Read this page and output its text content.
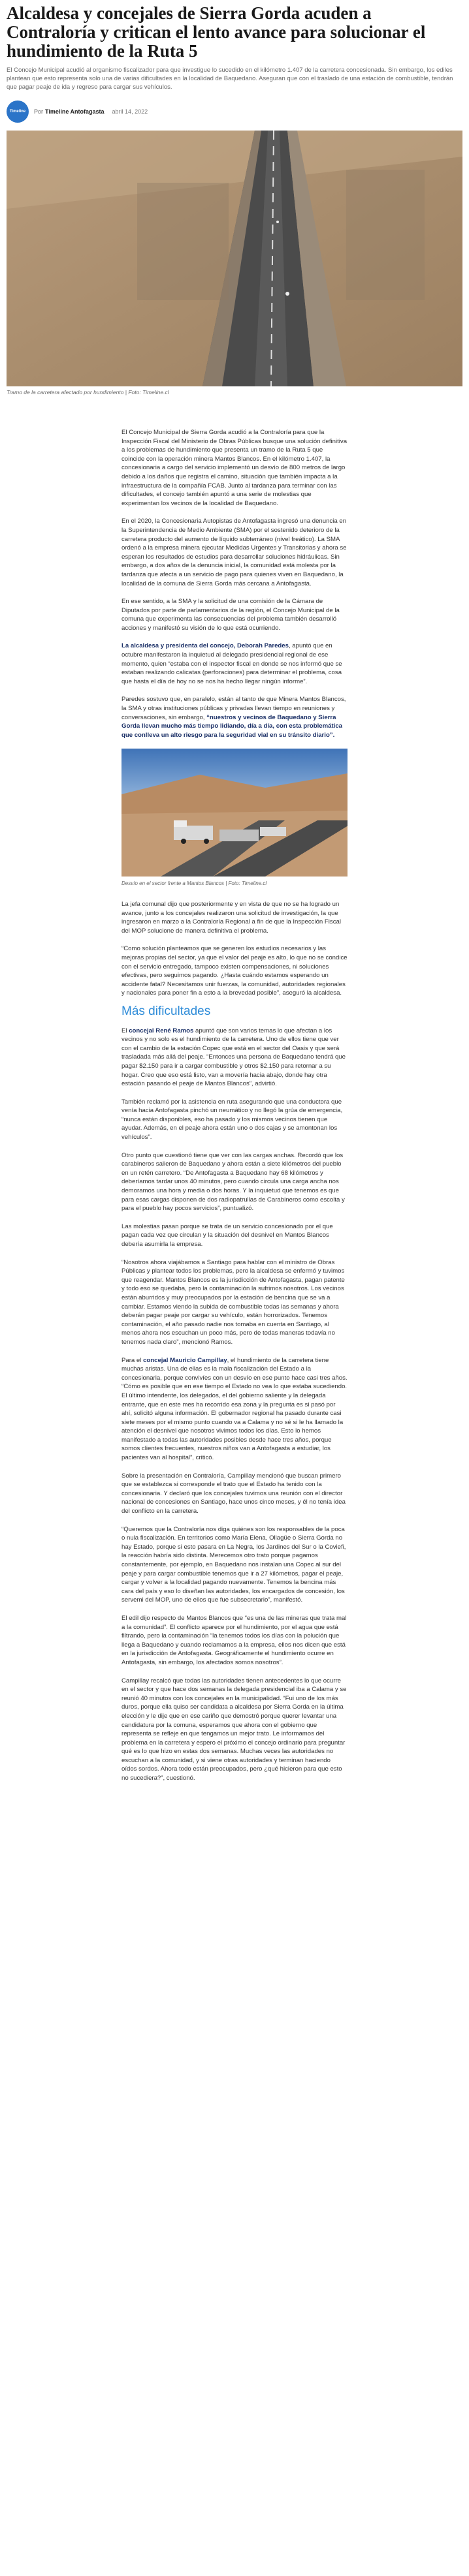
Alcaldesa y concejales de Sierra Gorda acuden a Contraloría y critican el lento avance para solucionar el hundimiento de la Ruta 5

El Concejo Municipal acudió al organismo fiscalizador para que investigue lo sucedido en el kilómetro 1.407 de la carretera concesionada. Sin embargo, los ediles plantean que esto representa solo una de varias dificultades en la localidad de Baquedano. Aseguran que con el traslado de una estación de combustible, tendrán que pagar peaje de ida y regreso para cargar sus vehículos.

Timeline Por Timeline Antofagasta abril 14, 2022
Tramo de la carretera afectado por hundimiento | Foto: Timeline.cl

El Concejo Municipal de Sierra Gorda acudió a la Contraloría para que la Inspección Fiscal del Ministerio de Obras Públicas busque una solución definitiva a los problemas de hundimiento que presenta un tramo de la Ruta 5 que coincide con la operación minera Mantos Blancos. En el kilómetro 1.407, la concesionaria a cargo del servicio implementó un desvío de 800 metros de largo debido a los daños que registra el camino, situación que también impacta a la infraestructura de la compañía FCAB. Junto al tardanza para terminar con las dificultades, el concejo también apuntó a una serie de molestias que experimentan los vecinos de la localidad de Baquedano.

En el 2020, la Concesionaria Autopistas de Antofagasta ingresó una denuncia en la Superintendencia de Medio Ambiente (SMA) por el sostenido deterioro de la carretera producto del aumento de líquido subterráneo (nivel freático). La SMA ordenó a la empresa minera ejecutar Medidas Urgentes y Transitorias y ahora se esperan los resultados de estudios para desarrollar soluciones hidráulicas. Sin embargo, a dos años de la denuncia inicial, la comunidad está molesta por la tardanza que afecta a un servicio de pago para quienes viven en Baquedano, la localidad de la comuna de Sierra Gorda más cercana a Antofagasta.

En ese sentido, a la SMA y la solicitud de una comisión de la Cámara de Diputados por parte de parlamentarios de la región, el Concejo Municipal de la comuna que experimenta las consecuencias del problema también desarrolló acciones y manifestó su visión de lo que está ocurriendo.

La alcaldesa y presidenta del concejo, Deborah Paredes, apuntó que en octubre manifestaron la inquietud al delegado presidencial regional de ese momento, quien “estaba con el inspector fiscal en donde se nos informó que se estaban realizando calicatas (perforaciones) para determinar el problema, cosa que hasta el día de hoy no se nos ha hecho llegar ningún informe”.

Paredes sostuvo que, en paralelo, están al tanto de que Minera Mantos Blancos, la SMA y otras instituciones públicas y privadas llevan tiempo en reuniones y conversaciones, sin embargo, “nuestros y vecinos de Baquedano y Sierra Gorda llevan mucho más tiempo lidiando, día a día, con esta problemática que conlleva un alto riesgo para la seguridad vial en su tránsito diario”.

Desvío en el sector frente a Mantos Blancos | Foto: Timeline.cl

La jefa comunal dijo que posteriormente y en vista de que no se ha logrado un avance, junto a los concejales realizaron una solicitud de investigación, la que ingresaron en marzo a la Contraloría Regional a fin de que la Inspección Fiscal del MOP solucione de manera definitiva el problema.

“Como solución planteamos que se generen los estudios necesarios y las mejoras propias del sector, ya que el valor del peaje es alto, lo que no se condice con el servicio entregado, tampoco existen compensaciones, ni soluciones efectivas, pero seguimos pagando. ¿Hasta cuándo estamos esperando un accidente fatal? Necesitamos unir fuerzas, la comunidad, autoridades regionales y nacionales para poner fin a esto a la brevedad posible”, aseguró la alcaldesa.

Más dificultades

El concejal René Ramos apuntó que son varios temas lo que afectan a los vecinos y no solo es el hundimiento de la carretera. Uno de ellos tiene que ver con el cambio de la estación Copec que está en el sector del Oasis y que será trasladada más allá del peaje. “Entonces una persona de Baquedano tendrá que pagar $2.150 para ir a cargar combustible y otros $2.150 para retornar a su hogar. Creo que eso está listo, van a movería hacia abajo, donde hay otra estación pasando el peaje de Mantos Blancos”, advirtió.

También reclamó por la asistencia en ruta asegurando que una conductora que venía hacia Antofagasta pinchó un neumático y no llegó la grúa de emergencia, “nunca están disponibles, eso ha pasado y los mismos vecinos tienen que ayudar. Además, en el peaje ahora están uno o dos cajas y se amontonan los vehículos”.

Otro punto que cuestionó tiene que ver con las cargas anchas. Recordó que los carabineros salieron de Baquedano y ahora están a siete kilómetros del pueblo en un retén carretero. “De Antofagasta a Baquedano hay 68 kilómetros y deberíamos tardar unos 40 minutos, pero cuando circula una carga ancha nos demoramos una hora y media o dos horas. Y la inquietud que tenemos es que para esas cargas disponen de dos radiopatrullas de Carabineros como escolta y para el pueblo hay pocos servicios”, puntualizó.

Las molestias pasan porque se trata de un servicio concesionado por el que pagan cada vez que circulan y la situación del desnivel en Mantos Blancos debería asumirla la empresa.

“Nosotros ahora viajábamos a Santiago para hablar con el ministro de Obras Públicas y plantear todos los problemas, pero la alcaldesa se enfermó y tuvimos que reagendar. Mantos Blancos es la jurisdicción de Antofagasta, pagan patente y todo eso se quedaba, pero la contaminación la sufrimos nosotros. Los vecinos están aburridos y muy preocupados por la estación de bencina que se va a cambiar. Estamos viendo la subida de combustible todas las semanas y ahora deberán pagar peaje por cargar su vehículo, están horrorizados. Tenemos contaminación, el año pasado nadie nos tomaba en cuenta en Santiago, al menos ahora nos escuchan un poco más, pero de todas maneras todavía no tenemos nada claro”, mencionó Ramos.

Para el concejal Mauricio Campillay, el hundimiento de la carretera tiene muchas aristas. Una de ellas es la mala fiscalización del Estado a la concesionaria, porque convivíes con un desvío en ese punto hace casi tres años. “Cómo es posible que en ese tiempo el Estado no vea lo que estaba sucediendo. El último intendente, los delegados, el del gobierno saliente y la delegada entrante, que en este mes ha recorrido esa zona y la pregunta es si pasó por ahí, solicitó alguna información. El gobernador regional ha pasado durante casi siete meses por el mismo punto cuando va a Calama y no sé si le ha llamado la atención el desnivel que nosotros vivimos todos los días. Esto lo hemos manifestado a todas las autoridades posibles desde hace tres años, porque somos clientes frecuentes, nuestros niños van a Antofagasta a estudiar, los pacientes van al hospital”, criticó.

Sobre la presentación en Contraloría, Campillay mencionó que buscan primero que se establezca si corresponde el trato que el Estado ha tenido con la concesionaria. Y declaró que los concejales tuvimos una reunión con el director nacional de concesiones en Santiago, hace unos cinco meses, y él no tenía idea del conflicto en la carretera.

“Queremos que la Contraloría nos diga quiénes son los responsables de la poca o nula fiscalización. En territorios como María Elena, Ollagüe o Sierra Gorda no hay Estado, porque si esto pasara en La Negra, los Jardines del Sur o la Coviefi, la reacción habría sido distinta. Merecemos otro trato porque pagamos constantemente, por ejemplo, en Baquedano nos instalan una Copec al sur del peaje y para cargar combustible tenemos que ir a 27 kilómetros, pagar el peaje, cargar y volver a la localidad pagando nuevamente. Tenemos la bencina más cara del país y eso lo diseñan las autoridades, los encargados de concesión, los servemi del MOP, uno de ellos que fue subsecretario”, manifestó.

El edil dijo respecto de Mantos Blancos que “es una de las mineras que trata mal a la comunidad”. El conflicto aparece por el hundimiento, por el agua que está filtrando, pero la contaminación “la tenemos todos los días con la polución que llega a Baquedano y cuando reclamamos a la empresa, ellos nos dicen que está en la jurisdicción de Antofagasta. Geográficamente el hundimiento ocurre en Antofagasta, sin embargo, los afectados somos nosotros”.

Campillay recalcó que todas las autoridades tienen antecedentes lo que ocurre en el sector y que hace dos semanas la delegada presidencial iba a Calama y se reunió 40 minutos con los concejales en la municipalidad. “Fui uno de los más duros, porque ella quiso ser candidata a alcaldesa por Sierra Gorda en la última elección y le dije que en ese cariño que demostró porque querer levantar una candidatura por la comuna, esperamos que ahora con el gobierno que representa se refleje en que tengamos un mejor trato. Le informamos del problema en la carretera y espero el próximo el concejo ordinario para preguntar qué es lo que hizo en estas dos semanas. Muchas veces las autoridades no escuchan a la comunidad, y si viene otras autoridades y terminan haciendo oídos sordos. Ahora todo están preocupados, pero ¿qué hicieron para que esto no sucediera?”, cuestionó.
